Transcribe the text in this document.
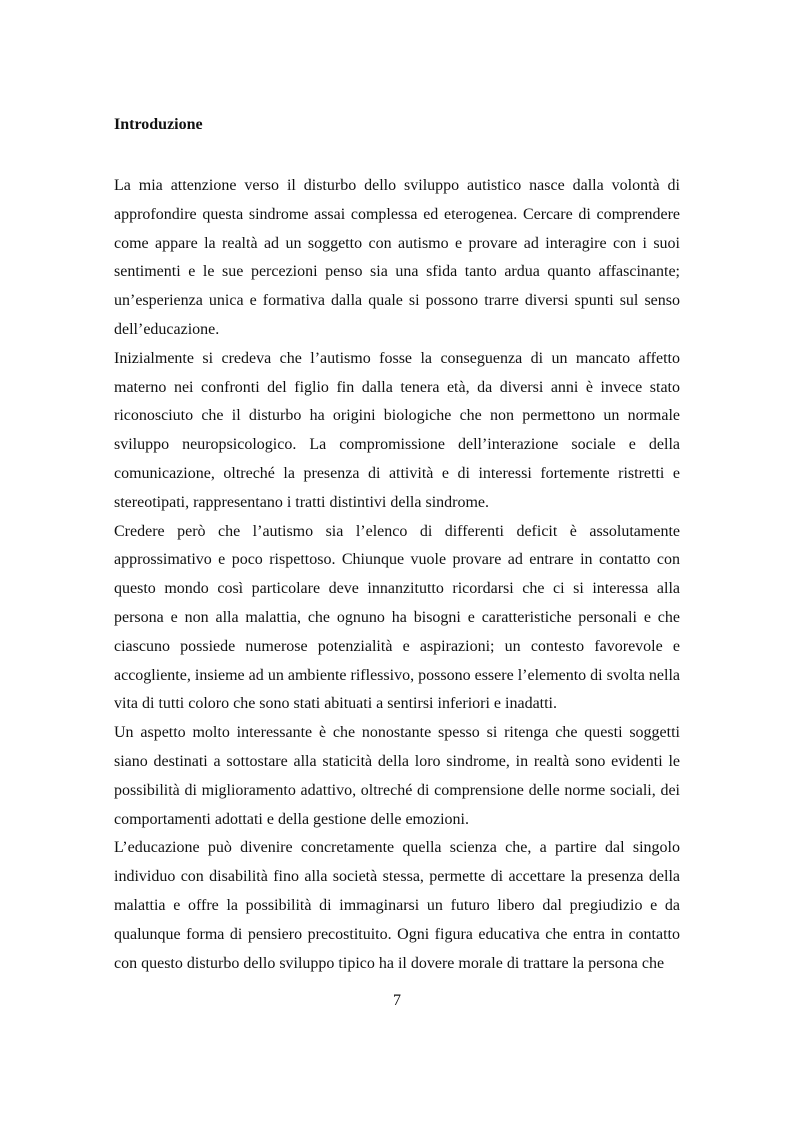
Introduzione

La mia attenzione verso il disturbo dello sviluppo autistico nasce dalla volontà di approfondire questa sindrome assai complessa ed eterogenea. Cercare di comprendere come appare la realtà ad un soggetto con autismo e provare ad interagire con i suoi sentimenti e le sue percezioni penso sia una sfida tanto ardua quanto affascinante; un’esperienza unica e formativa dalla quale si possono trarre diversi spunti sul senso dell’educazione.

Inizialmente si credeva che l’autismo fosse la conseguenza di un mancato affetto materno nei confronti del figlio fin dalla tenera età, da diversi anni è invece stato riconosciuto che il disturbo ha origini biologiche che non permettono un normale sviluppo neuropsicologico. La compromissione dell’interazione sociale e della comunicazione, oltreché la presenza di attività e di interessi fortemente ristretti e stereotipati, rappresentano i tratti distintivi della sindrome.

Credere però che l’autismo sia l’elenco di differenti deficit è assolutamente approssimativo e poco rispettoso. Chiunque vuole provare ad entrare in contatto con questo mondo così particolare deve innanzitutto ricordarsi che ci si interessa alla persona e non alla malattia, che ognuno ha bisogni e caratteristiche personali e che ciascuno possiede numerose potenzialità e aspirazioni; un contesto favorevole e accogliente, insieme ad un ambiente riflessivo, possono essere l’elemento di svolta nella vita di tutti coloro che sono stati abituati a sentirsi inferiori e inadatti.

Un aspetto molto interessante è che nonostante spesso si ritenga che questi soggetti siano destinati a sottostare alla staticità della loro sindrome, in realtà sono evidenti le possibilità di miglioramento adattivo, oltreché di comprensione delle norme sociali, dei comportamenti adottati e della gestione delle emozioni.

L’educazione può divenire concretamente quella scienza che, a partire dal singolo individuo con disabilità fino alla società stessa, permette di accettare la presenza della malattia e offre la possibilità di immaginarsi un futuro libero dal pregiudizio e da qualunque forma di pensiero precostituito. Ogni figura educativa che entra in contatto con questo disturbo dello sviluppo tipico ha il dovere morale di trattare la persona che

7
